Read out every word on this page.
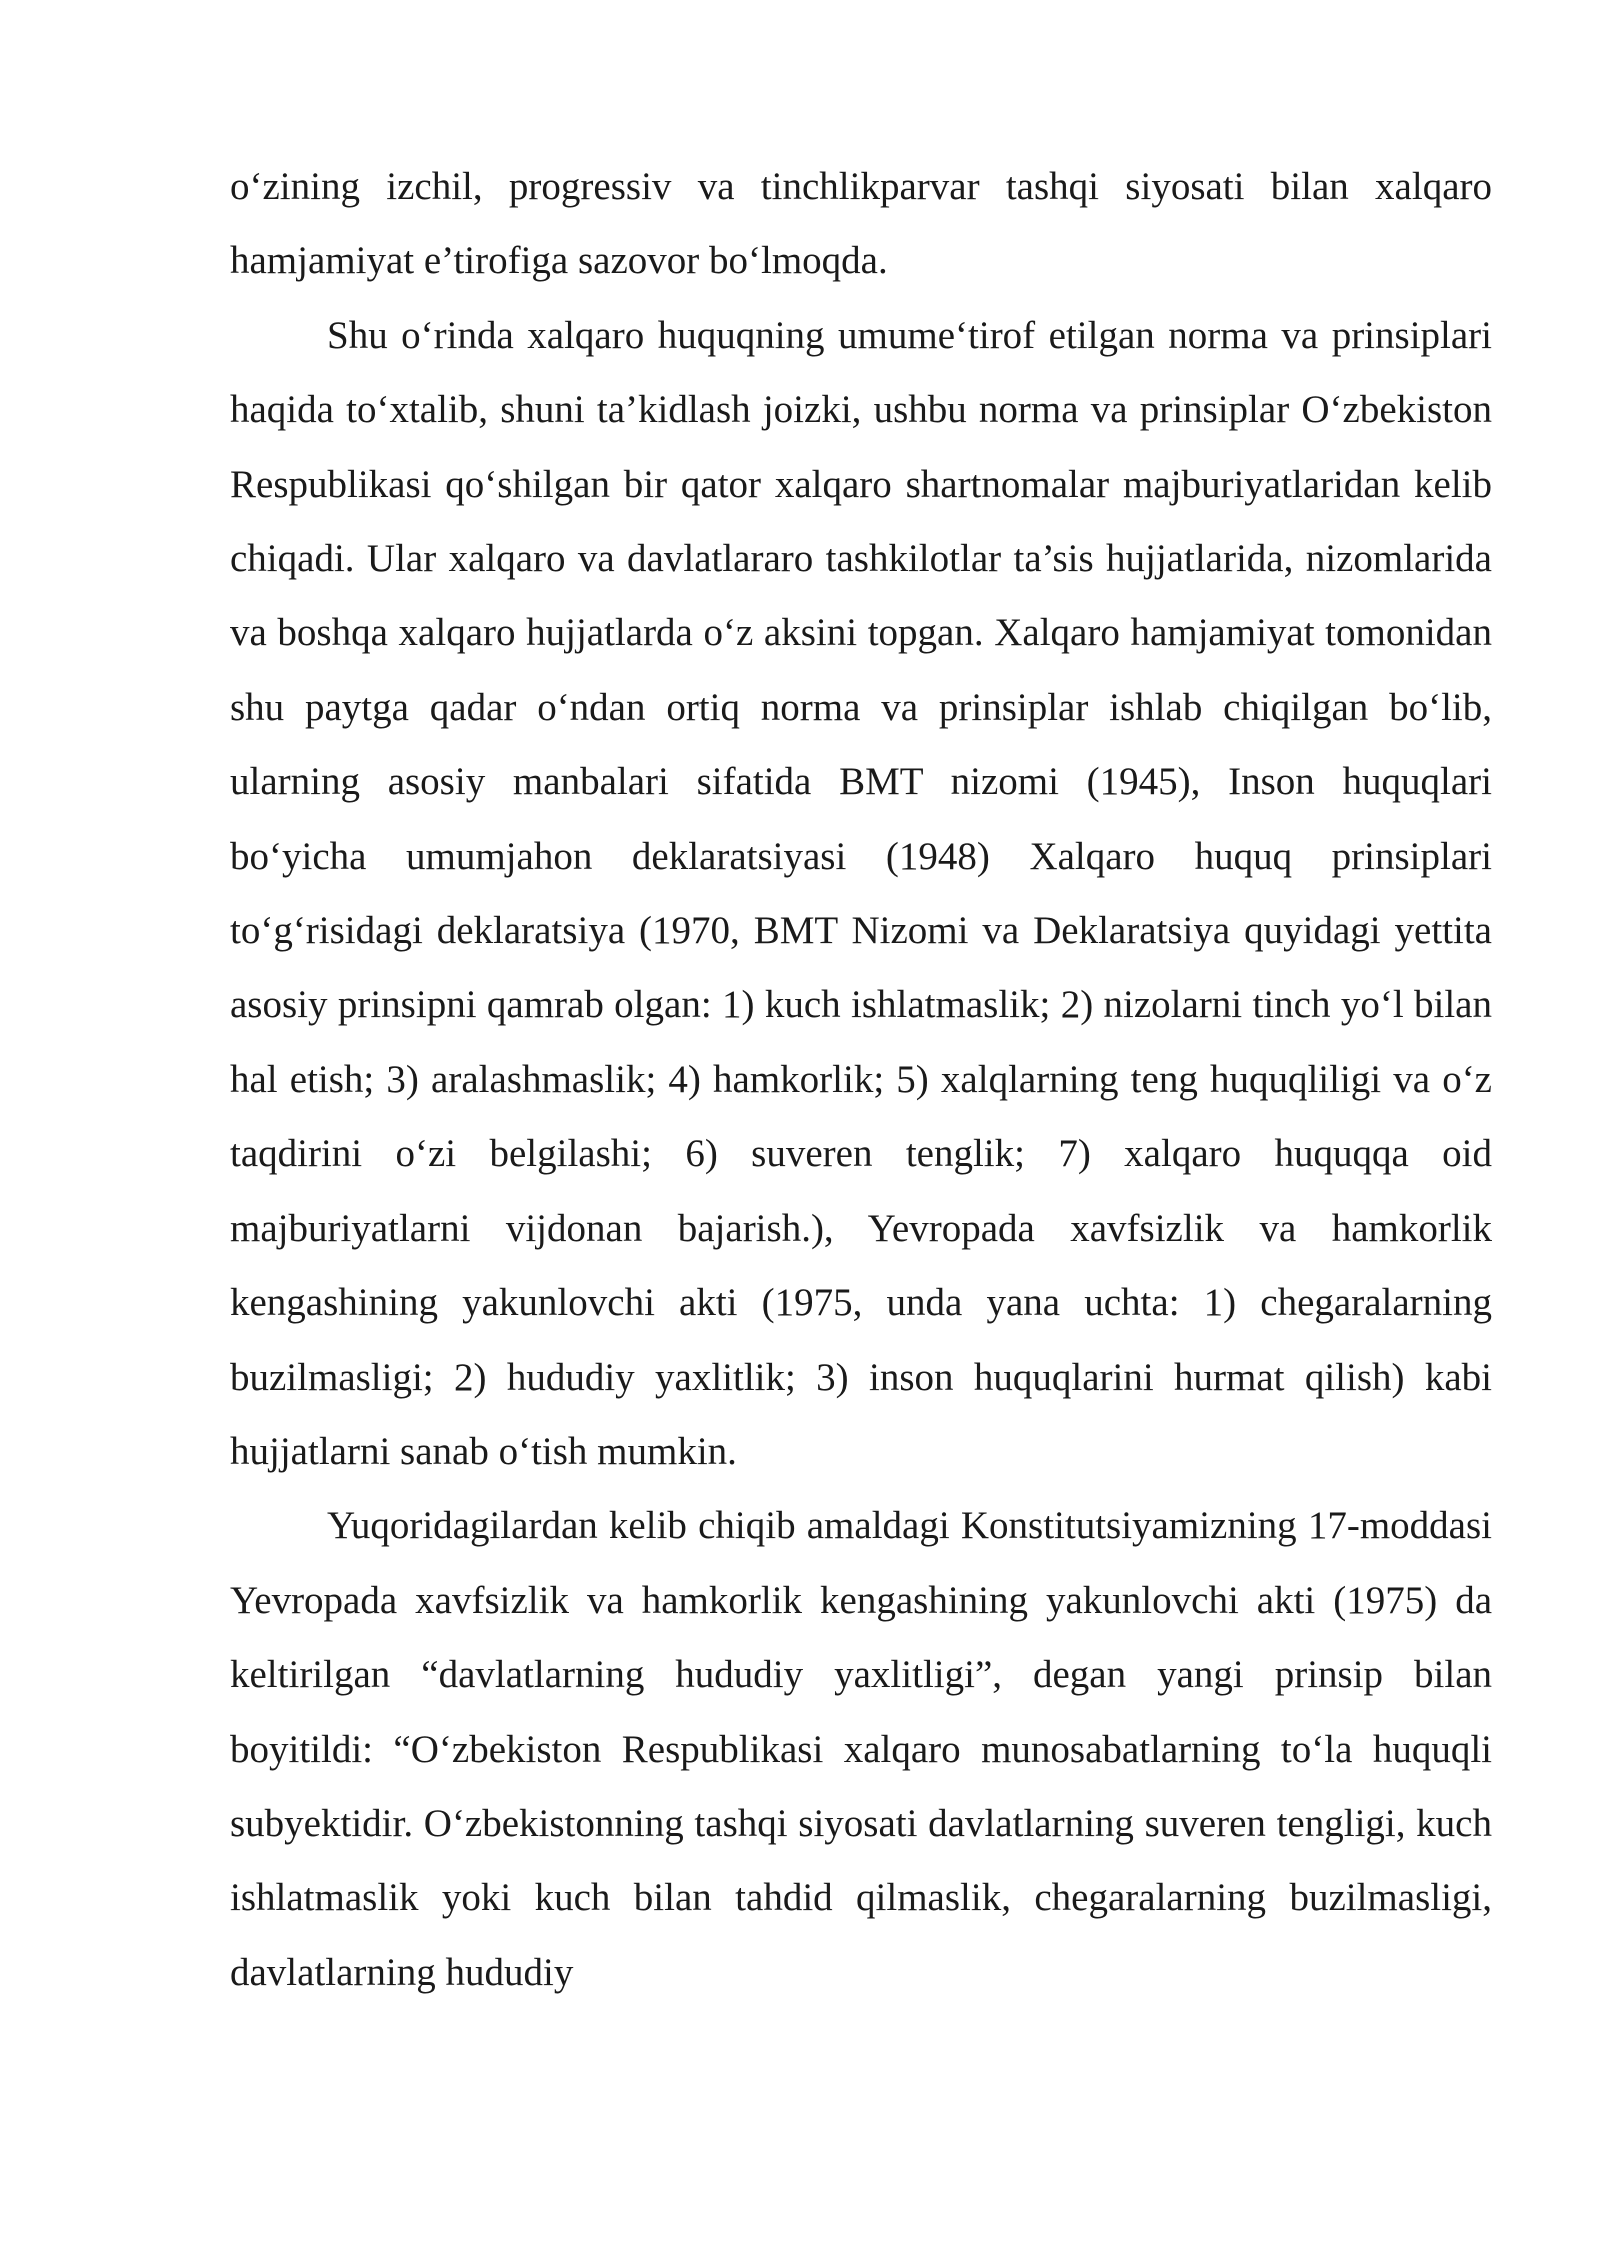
o‘zining izchil, progressiv va tinchlikparvar tashqi siyosati bilan xalqaro hamjamiyat e’tirofiga sazovor bo‘lmoqda.

Shu o‘rinda xalqaro huquqning umume‘tirof etilgan norma va prinsiplari haqida to‘xtalib, shuni ta’kidlash joizki, ushbu norma va prinsiplar O‘zbekiston Respublikasi qo‘shilgan bir qator xalqaro shartnomalar majburiyatlaridan kelib chiqadi. Ular xalqaro va davlatlararo tashkilotlar ta’sis hujjatlarida, nizomlarida va boshqa xalqaro hujjatlarda o‘z aksini topgan. Xalqaro hamjamiyat tomonidan shu paytga qadar o‘ndan ortiq norma va prinsiplar ishlab chiqilgan bo‘lib, ularning asosiy manbalari sifatida BMT nizomi (1945), Inson huquqlari bo‘yicha umumjahon deklaratsiyasi (1948) Xalqaro huquq prinsiplari to‘g‘risidagi deklaratsiya (1970, BMT Nizomi va Deklaratsiya quyidagi yettita asosiy prinsipni qamrab olgan: 1) kuch ishlatmaslik; 2) nizolarni tinch yo‘l bilan hal etish; 3) aralashmaslik; 4) hamkorlik; 5) xalqlarning teng huquqliligi va o‘z taqdirini o‘zi belgilashi; 6) suveren tenglik; 7) xalqaro huquqqa oid majburiyatlarni vijdonan bajarish.), Yevropada xavfsizlik va hamkorlik kengashining yakunlovchi akti (1975, unda yana uchta: 1) chegaralarning buzilmasligi; 2) hududiy yaxlitlik; 3) inson huquqlarini hurmat qilish) kabi hujjatlarni sanab o‘tish mumkin.

Yuqoridagilardan kelib chiqib amaldagi Konstitutsiyamizning 17-moddasi Yevropada xavfsizlik va hamkorlik kengashining yakunlovchi akti (1975) da keltirilgan “davlatlarning hududiy yaxlitligi”, degan yangi prinsip bilan boyitildi: “O‘zbekiston Respublikasi xalqaro munosabatlarning to‘la huquqli subyektidir. O‘zbekistonning tashqi siyosati davlatlarning suveren tengligi, kuch ishlatmaslik yoki kuch bilan tahdid qilmaslik, chegaralarning buzilmasligi, davlatlarning hududiy
